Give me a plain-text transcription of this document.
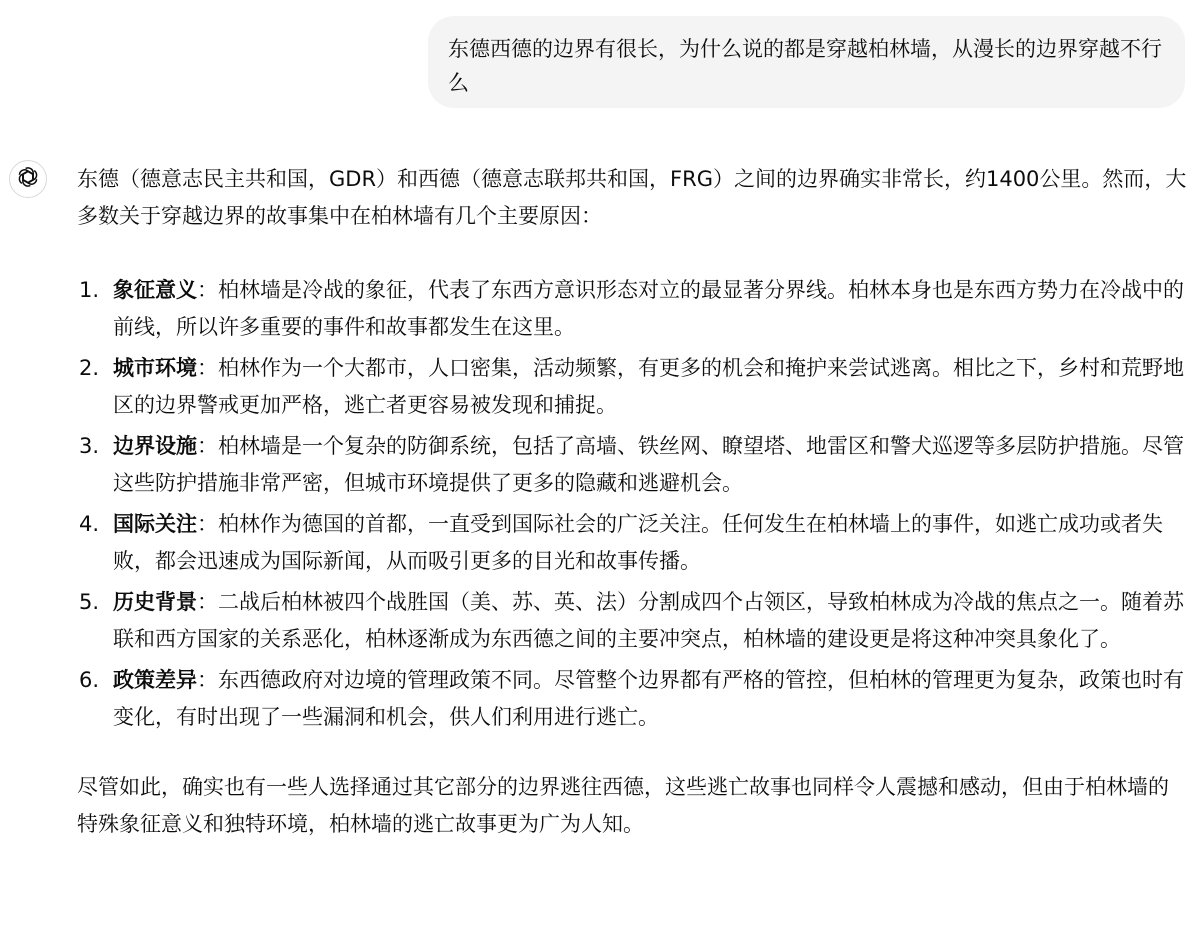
东德西德的边界有很长，为什么说的都是穿越柏林墙，从漫长的边界穿越不行么

东德（德意志民主共和国，GDR）和西德（德意志联邦共和国，FRG）之间的边界确实非常长，约1400公里。然而，大多数关于穿越边界的故事集中在柏林墙有几个主要原因：

1. 象征意义：柏林墙是冷战的象征，代表了东西方意识形态对立的最显著分界线。柏林本身也是东西方势力在冷战中的前线，所以许多重要的事件和故事都发生在这里。
2. 城市环境：柏林作为一个大都市，人口密集，活动频繁，有更多的机会和掩护来尝试逃离。相比之下，乡村和荒野地区的边界警戒更加严格，逃亡者更容易被发现和捕捉。
3. 边界设施：柏林墙是一个复杂的防御系统，包括了高墙、铁丝网、瞭望塔、地雷区和警犬巡逻等多层防护措施。尽管这些防护措施非常严密，但城市环境提供了更多的隐藏和逃避机会。
4. 国际关注：柏林作为德国的首都，一直受到国际社会的广泛关注。任何发生在柏林墙上的事件，如逃亡成功或者失败，都会迅速成为国际新闻，从而吸引更多的目光和故事传播。
5. 历史背景：二战后柏林被四个战胜国（美、苏、英、法）分割成四个占领区，导致柏林成为冷战的焦点之一。随着苏联和西方国家的关系恶化，柏林逐渐成为东西德之间的主要冲突点，柏林墙的建设更是将这种冲突具象化了。
6. 政策差异：东西德政府对边境的管理政策不同。尽管整个边界都有严格的管控，但柏林的管理更为复杂，政策也时有变化，有时出现了一些漏洞和机会，供人们利用进行逃亡。

尽管如此，确实也有一些人选择通过其它部分的边界逃往西德，这些逃亡故事也同样令人震撼和感动，但由于柏林墙的特殊象征意义和独特环境，柏林墙的逃亡故事更为广为人知。
